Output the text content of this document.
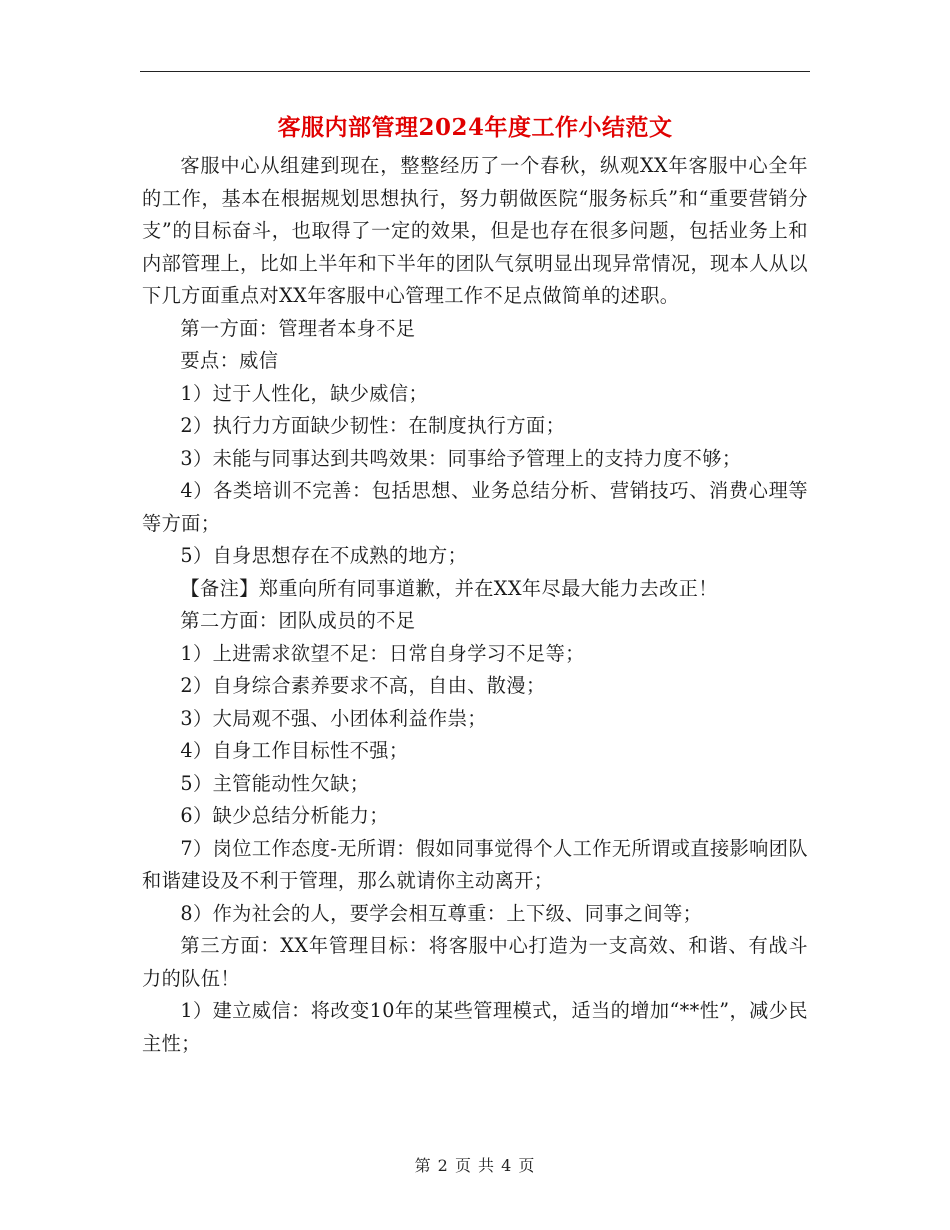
客服内部管理2024年度工作小结范文

客服中心从组建到现在，整整经历了一个春秋，纵观XX年客服中心全年的工作，基本在根据规划思想执行，努力朝做医院“服务标兵”和“重要营销分支”的目标奋斗，也取得了一定的效果，但是也存在很多问题，包括业务上和内部管理上，比如上半年和下半年的团队气氛明显出现异常情况，现本人从以下几方面重点对XX年客服中心管理工作不足点做简单的述职。

第一方面：管理者本身不足

要点：威信

1）过于人性化，缺少威信；

2）执行力方面缺少韧性：在制度执行方面；

3）未能与同事达到共鸣效果：同事给予管理上的支持力度不够；

4）各类培训不完善：包括思想、业务总结分析、营销技巧、消费心理等等方面；

5）自身思想存在不成熟的地方；

【备注】郑重向所有同事道歉，并在XX年尽最大能力去改正！

第二方面：团队成员的不足

1）上进需求欲望不足：日常自身学习不足等；

2）自身综合素养要求不高，自由、散漫；

3）大局观不强、小团体利益作祟；

4）自身工作目标性不强；

5）主管能动性欠缺；

6）缺少总结分析能力；

7）岗位工作态度-无所谓：假如同事觉得个人工作无所谓或直接影响团队和谐建设及不利于管理，那么就请你主动离开；

8）作为社会的人，要学会相互尊重：上下级、同事之间等；

第三方面：XX年管理目标：将客服中心打造为一支高效、和谐、有战斗力的队伍！

1）建立威信：将改变10年的某些管理模式，适当的增加“**性”，减少民主性；

第 2 页 共 4 页
